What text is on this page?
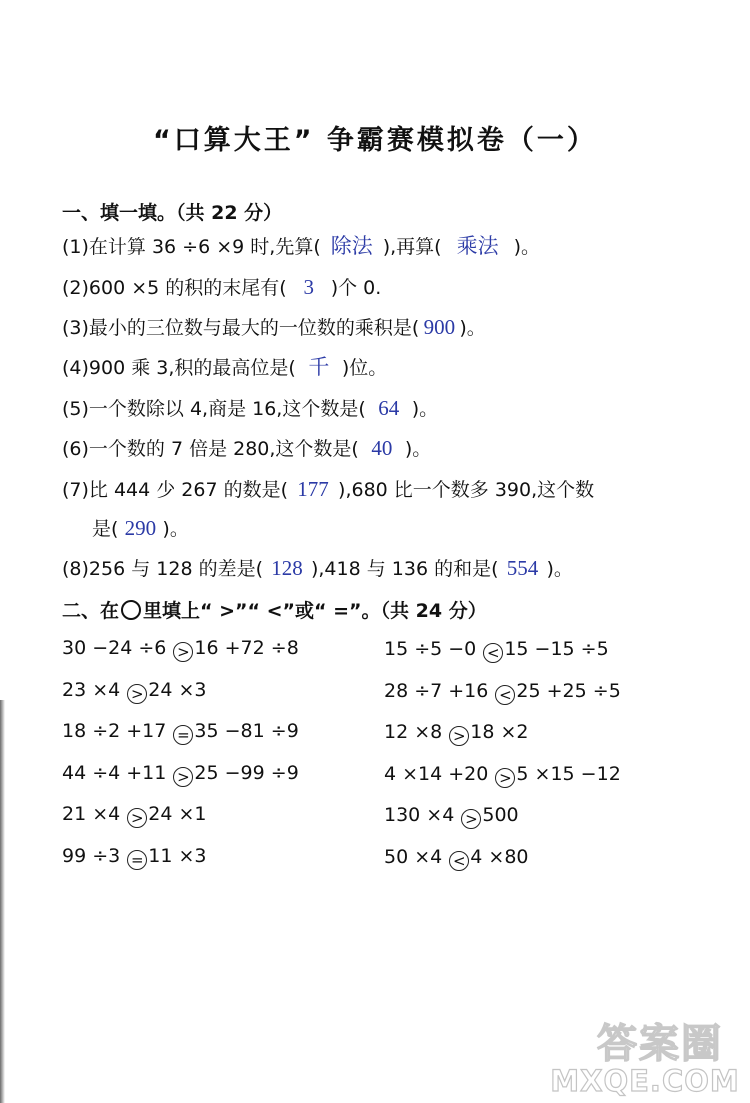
“口算大王” 争霸赛模拟卷（一）
一、填一填。（共 22 分）
(1)在计算 36 ÷6 ×9 时,先算( 除法 ),再算( 乘法 )。
(2)600 ×5 的积的末尾有( 3 )个 0.
(3)最小的三位数与最大的一位数的乘积是( 900 )。
(4)900 乘 3,积的最高位是( 千 )位。
(5)一个数除以 4,商是 16,这个数是( 64 )。
(6)一个数的 7 倍是 280,这个数是( 40 )。
(7)比 444 少 267 的数是( 177 ),680 比一个数多 390,这个数
是( 290 )。
(8)256 与 128 的差是( 128 ),418 与 136 的和是( 554 )。
二、在 里填上“ >”“ <”或“ =”。（共 24 分）
30 −24 ÷6 > 16 +72 ÷8
23 ×4 > 24 ×3
18 ÷2 +17 = 35 −81 ÷9
44 ÷4 +11 > 25 −99 ÷9
21 ×4 > 24 ×1
99 ÷3 = 11 ×3
15 ÷5 −0 < 15 −15 ÷5
28 ÷7 +16 < 25 +25 ÷5
12 ×8 > 18 ×2
4 ×14 +20 > 5 ×15 −12
130 ×4 > 500
50 ×4 < 4 ×80
答案圈
MXQE.COM
